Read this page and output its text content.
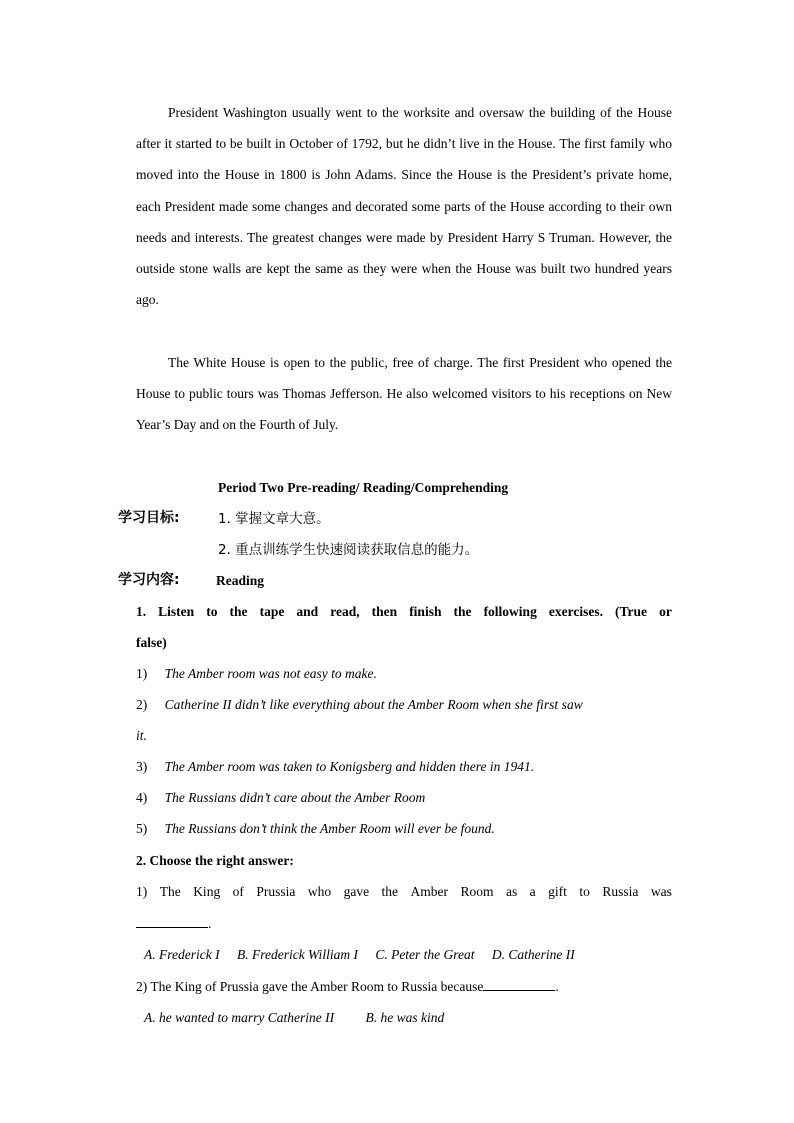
President Washington usually went to the worksite and oversaw the building of the House after it started to be built in October of 1792, but he didn’t live in the House. The first family who moved into the House in 1800 is John Adams. Since the House is the President’s private home, each President made some changes and decorated some parts of the House according to their own needs and interests. The greatest changes were made by President Harry S Truman. However, the outside stone walls are kept the same as they were when the House was built two hundred years ago.

The White House is open to the public, free of charge. The first President who opened the House to public tours was Thomas Jefferson. He also welcomed visitors to his receptions on New Year’s Day and on the Fourth of July.

Period Two Pre-reading/ Reading/Comprehending
学习目标:	1. 掌握文章大意。
2. 重点训练学生快速阅读获取信息的能力。
学习内容:	Reading
1. Listen to the tape and read, then finish the following exercises. (True or
false)
1) The Amber room was not easy to make.
2) Catherine II didn’t like everything about the Amber Room when she first saw
it.
3) The Amber room was taken to Konigsberg and hidden there in 1941.
4) The Russians didn’t care about the Amber Room
5) The Russians don’t think the Amber Room will ever be found.
2. Choose the right answer:
1) The King of Prussia who gave the Amber Room as a gift to Russia was
.
A. Frederick I B. Frederick William I C. Peter the Great D. Catherine II
2) The King of Prussia gave the Amber Room to Russia because	.
A. he wanted to marry Catherine II B. he was kind
